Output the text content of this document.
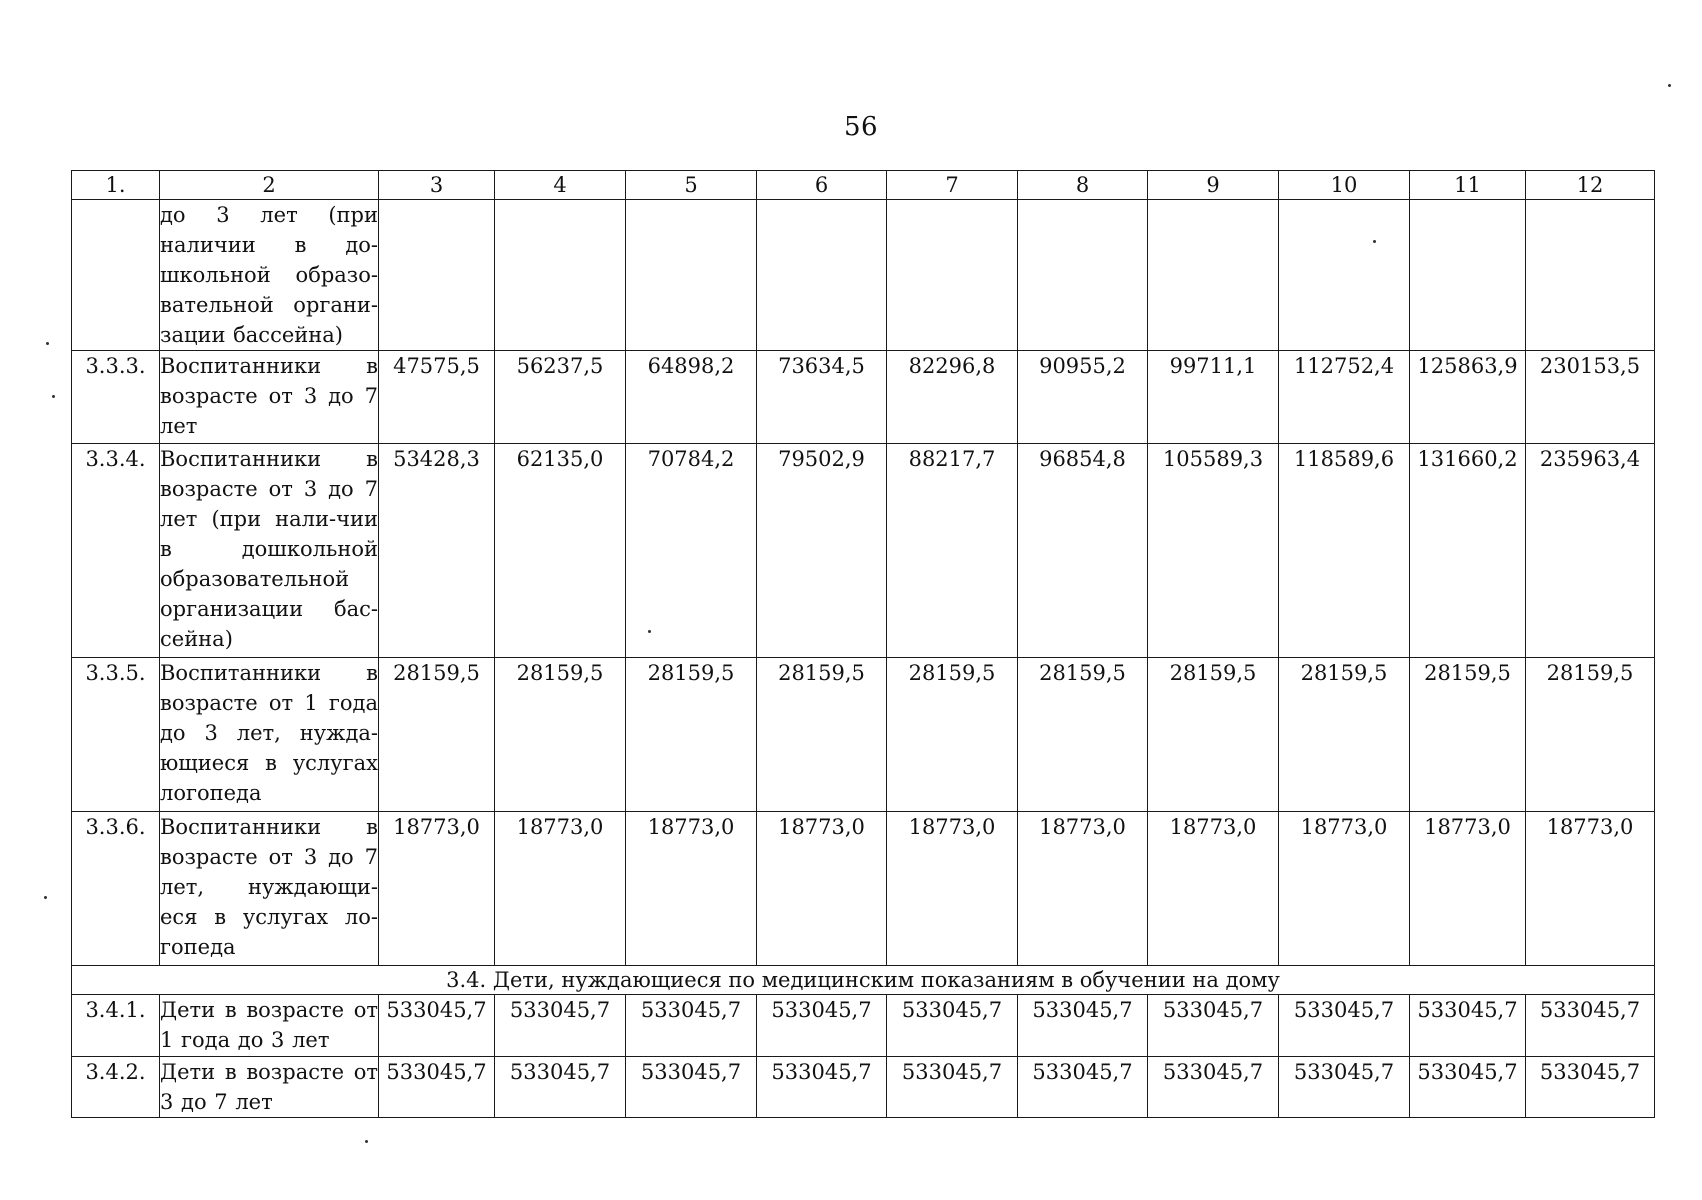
56
1.	2	3	4	5	6	7	8	9	10	11	12
	до 3 лет (при наличии в до-школьной образо-вательной органи-зации бассейна)										
3.3.3.	Воспитанники в возрасте от 3 до 7 лет	47575,5	56237,5	64898,2	73634,5	82296,8	90955,2	99711,1	112752,4	125863,9	230153,5
3.3.4.	Воспитанники в возрасте от 3 до 7 лет (при нали-чии в дошкольной образовательной организации бас-сейна)	53428,3	62135,0	70784,2	79502,9	88217,7	96854,8	105589,3	118589,6	131660,2	235963,4
3.3.5.	Воспитанники в возрасте от 1 года до 3 лет, нужда-ющиеся в услугах логопеда	28159,5	28159,5	28159,5	28159,5	28159,5	28159,5	28159,5	28159,5	28159,5	28159,5
3.3.6.	Воспитанники в возрасте от 3 до 7 лет, нуждающи-еся в услугах ло-гопеда	18773,0	18773,0	18773,0	18773,0	18773,0	18773,0	18773,0	18773,0	18773,0	18773,0
3.4. Дети, нуждающиеся по медицинским показаниям в обучении на дому											
3.4.1.	Дети в возрасте от 1 года до 3 лет	533045,7	533045,7	533045,7	533045,7	533045,7	533045,7	533045,7	533045,7	533045,7	533045,7
3.4.2.	Дети в возрасте от 3 до 7 лет	533045,7	533045,7	533045,7	533045,7	533045,7	533045,7	533045,7	533045,7	533045,7	533045,7
